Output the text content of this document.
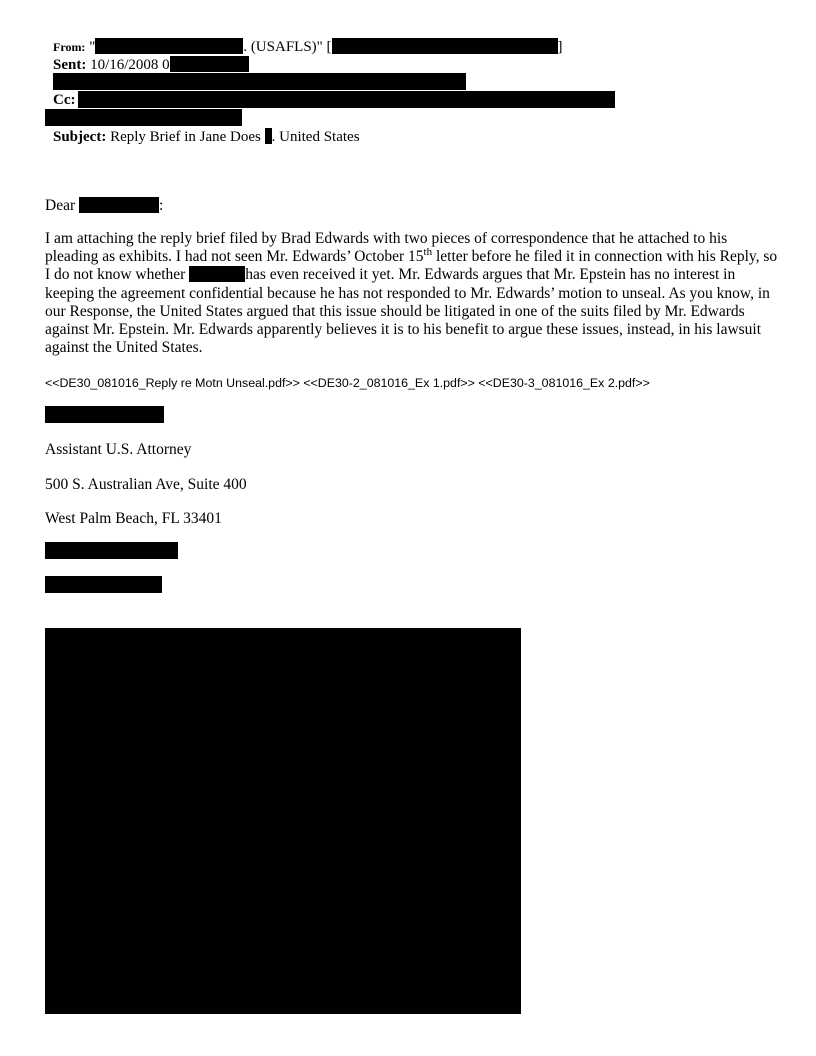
From: "	. (USAFLS)" [	]
Sent: 10/16/2008 0
Cc:
Subject: Reply Brief in Jane Does . United States
Dear	:
I am attaching the reply brief filed by Brad Edwards with two pieces of correspondence that he attached to his pleading as exhibits. I had not seen Mr. Edwards’ October 15th letter before he filed it in connection with his Reply, so I do not know whether	has even received it yet. Mr. Edwards argues that Mr. Epstein has no interest in keeping the agreement confidential because he has not responded to Mr. Edwards’ motion to unseal. As you know, in our Response, the United States argued that this issue should be litigated in one of the suits filed by Mr. Edwards against Mr. Epstein. Mr. Edwards apparently believes it is to his benefit to argue these issues, instead, in his lawsuit against the United States.
<<DE30_081016_Reply re Motn Unseal.pdf>> <<DE30-2_081016_Ex 1.pdf>> <<DE30-3_081016_Ex 2.pdf>>
Assistant U.S. Attorney
500 S. Australian Ave, Suite 400
West Palm Beach, FL 33401
